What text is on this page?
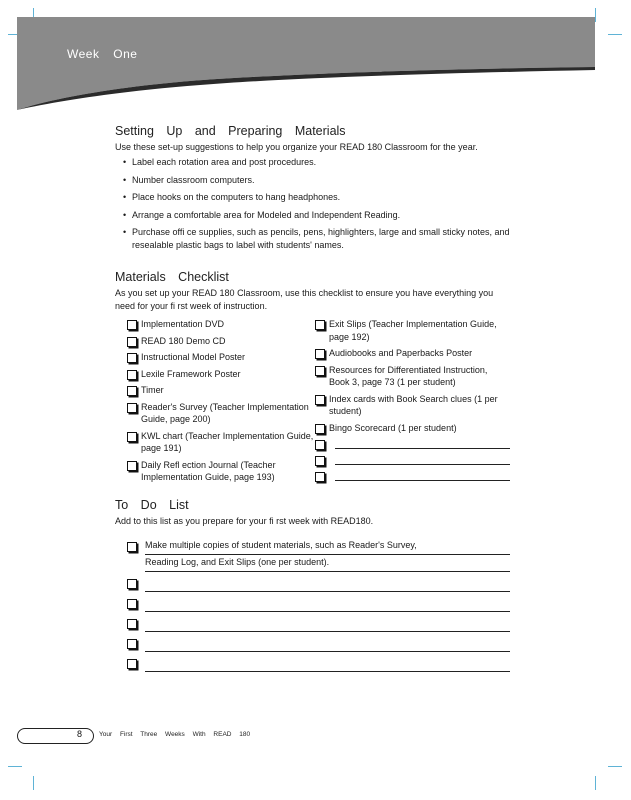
Week One
Setting Up and Preparing Materials

Use these set-up suggestions to help you organize your READ 180 Classroom for the year.

• Label each rotation area and post procedures.
• Number classroom computers.
• Place hooks on the computers to hang headphones.
• Arrange a comfortable area for Modeled and Independent Reading.
• Purchase offi ce supplies, such as pencils, pens, highlighters, large and small sticky notes, and resealable plastic bags to label with students' names.
Materials Checklist

As you set up your READ 180 Classroom, use this checklist to ensure you have everything you need for your fi rst week of instruction.

Implementation DVD
READ 180 Demo CD
Instructional Model Poster
Lexile Framework Poster
Timer
Reader's Survey (Teacher Implementation Guide, page 200)
KWL chart (Teacher Implementation Guide, page 191)
Daily Refl ection Journal (Teacher Implementation Guide, page 193)
Exit Slips (Teacher Implementation Guide, page 192)
Audiobooks and Paperbacks Poster
Resources for Differentiated Instruction, Book 3, page 73 (1 per student)
Index cards with Book Search clues (1 per student)
Bingo Scorecard (1 per student)
To Do List

Add to this list as you prepare for your fi rst week with READ180.

Make multiple copies of student materials, such as Reader's Survey,
Reading Log, and Exit Slips (one per student).
8	Your First Three Weeks With READ 180
